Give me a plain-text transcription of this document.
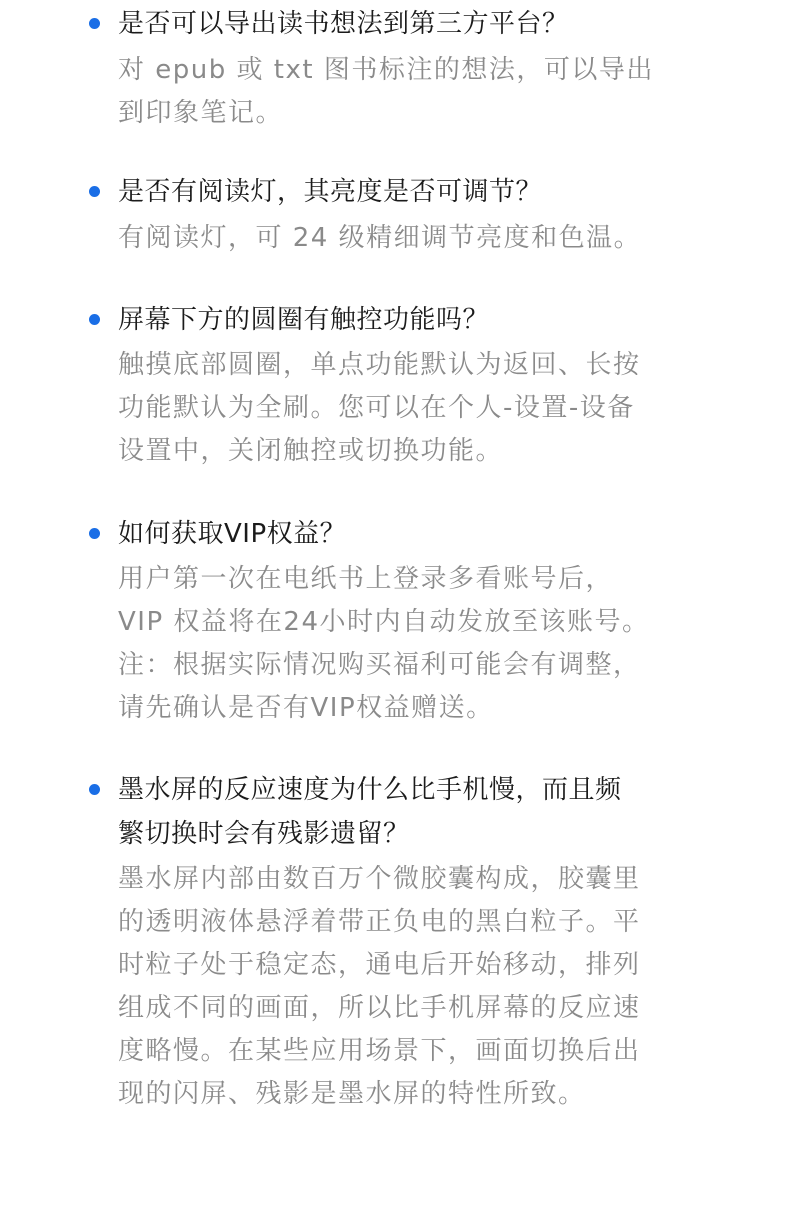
是否可以导出读书想法到第三方平台？

对 epub 或 txt 图书标注的想法，可以导出
到印象笔记。

是否有阅读灯，其亮度是否可调节？

有阅读灯，可 24 级精细调节亮度和色温。

屏幕下方的圆圈有触控功能吗？

触摸底部圆圈，单点功能默认为返回、长按
功能默认为全刷。您可以在个人-设置-设备
设置中，关闭触控或切换功能。

如何获取VIP权益？

用户第一次在电纸书上登录多看账号后，
VIP 权益将在24小时内自动发放至该账号。
注：根据实际情况购买福利可能会有调整，
请先确认是否有VIP权益赠送。

墨水屏的反应速度为什么比手机慢，而且频
繁切换时会有残影遗留？

墨水屏内部由数百万个微胶囊构成，胶囊里
的透明液体悬浮着带正负电的黑白粒子。平
时粒子处于稳定态，通电后开始移动，排列
组成不同的画面，所以比手机屏幕的反应速
度略慢。在某些应用场景下，画面切换后出
现的闪屏、残影是墨水屏的特性所致。
